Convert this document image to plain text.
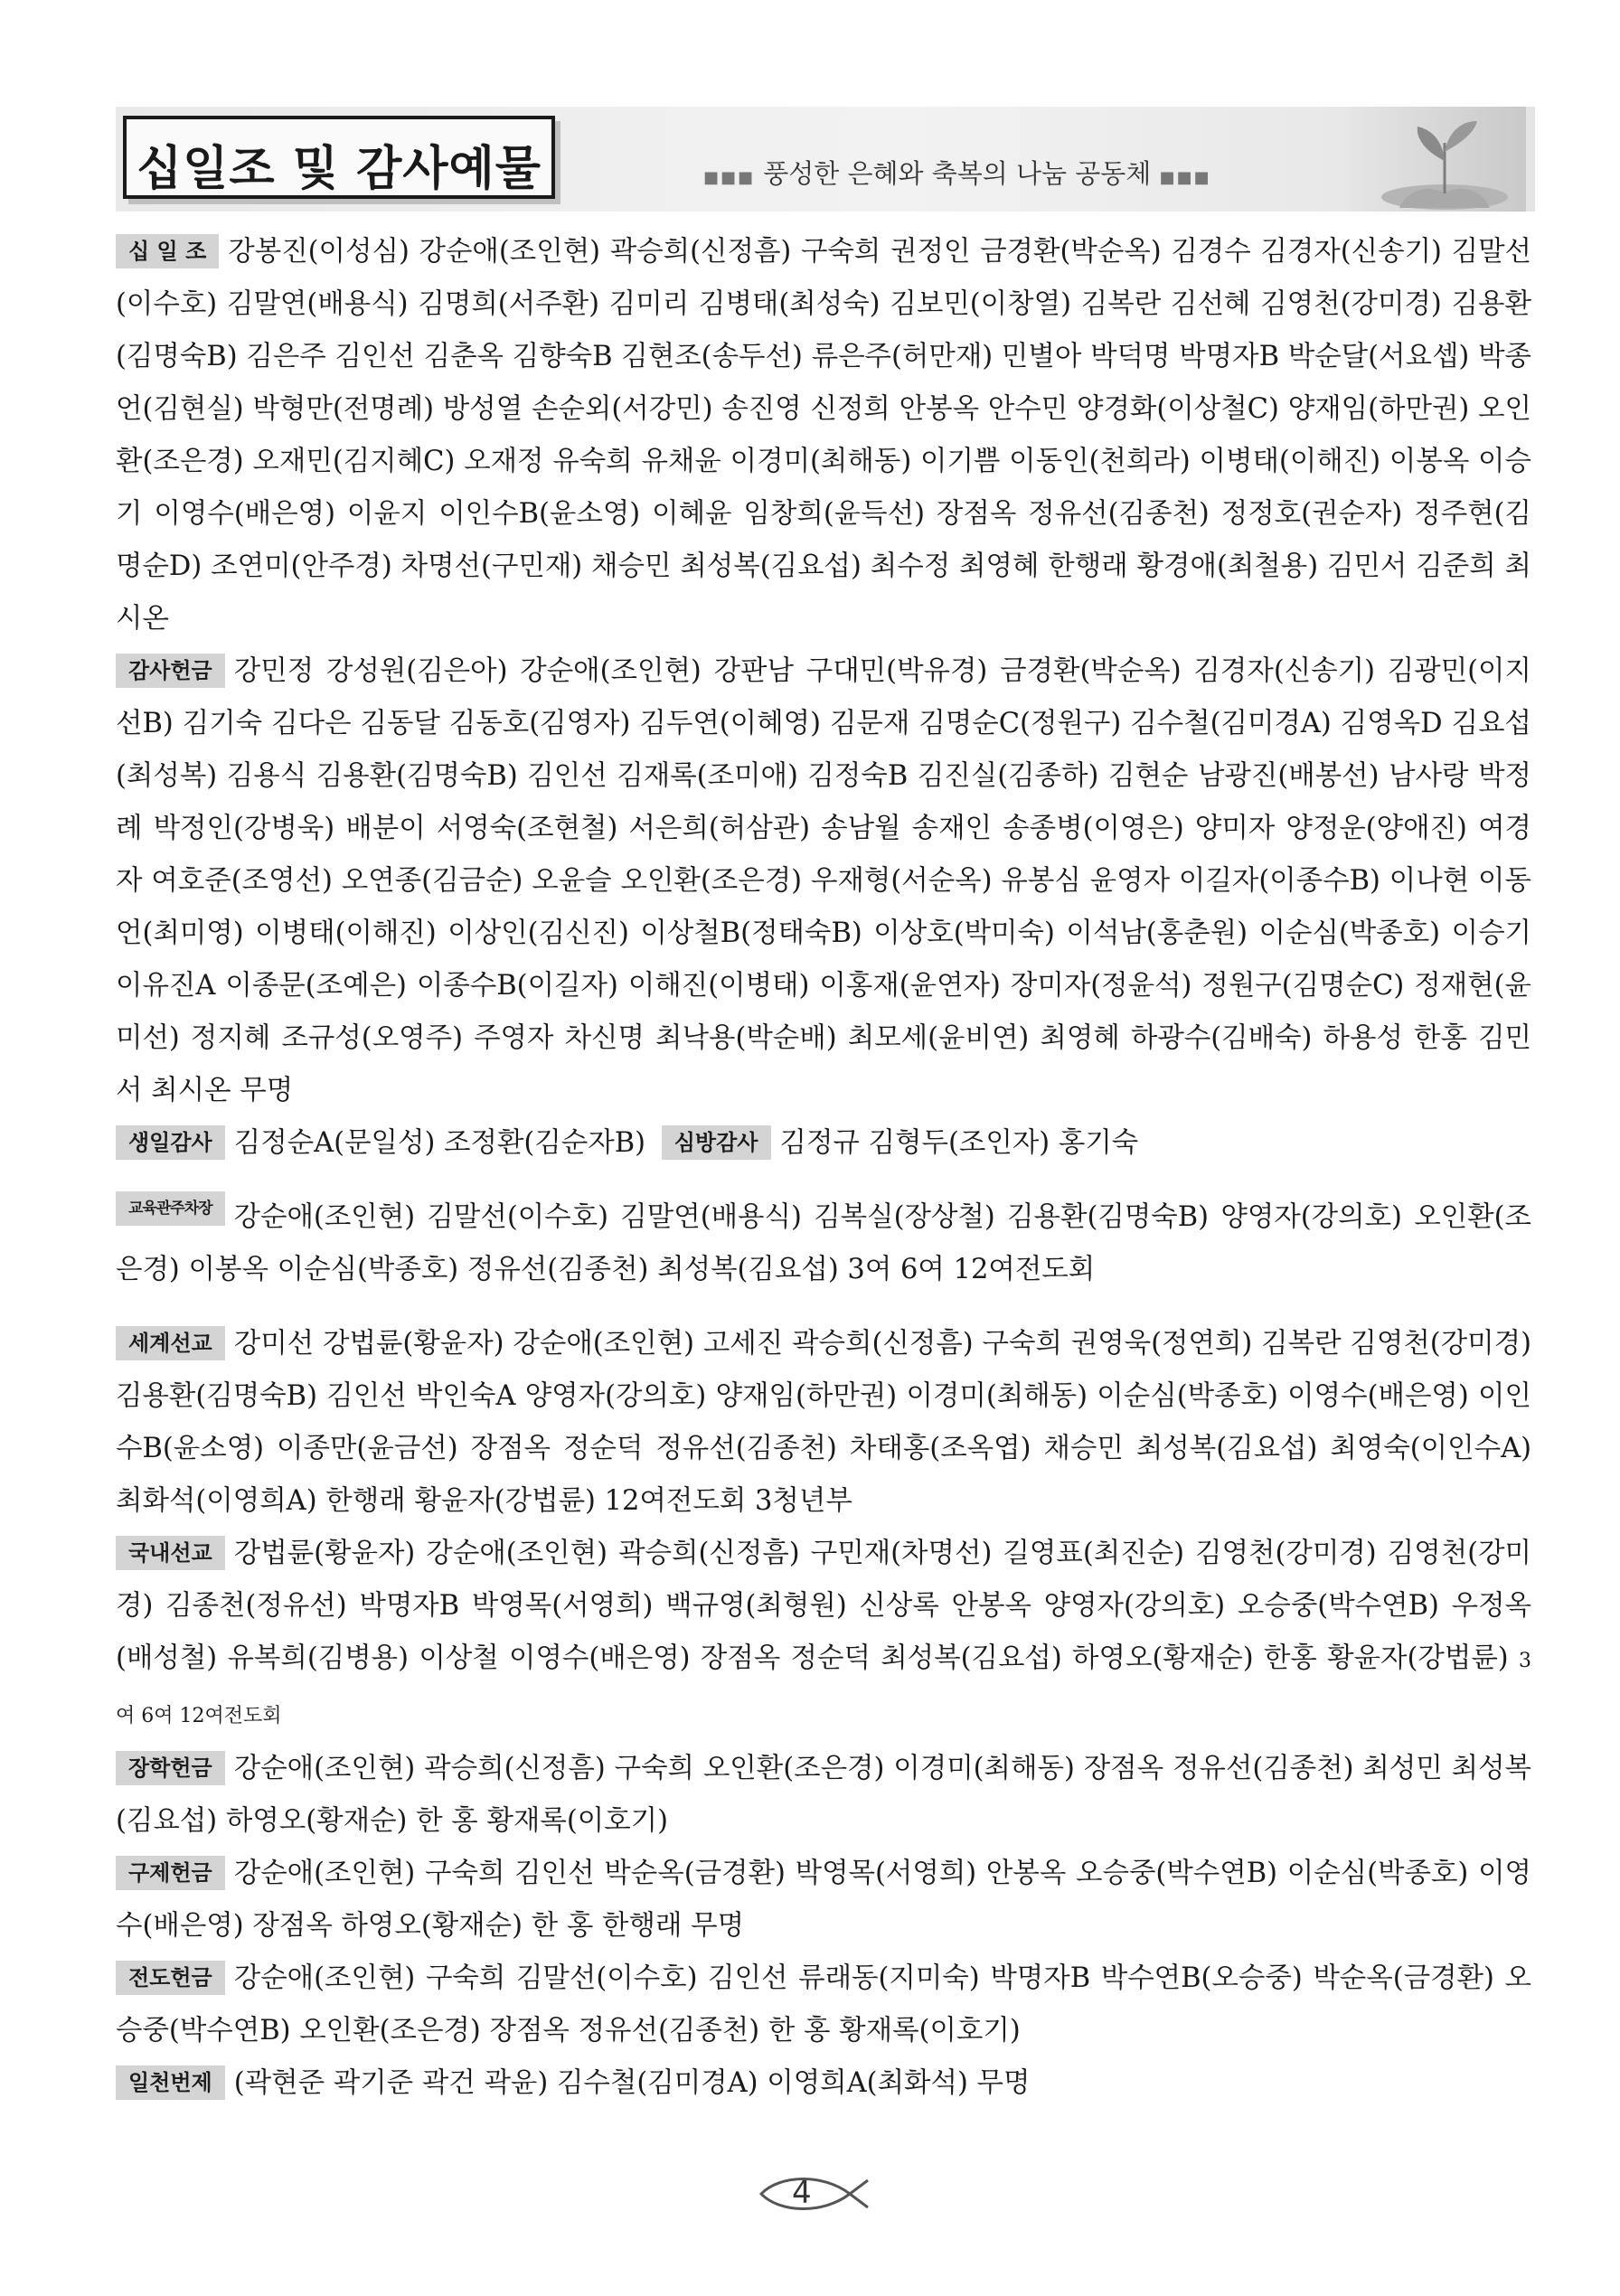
십일조 및 감사예물	■■■ 풍성한 은혜와 축복의 나눔 공동체 ■■■

십 일 조 강봉진(이성심) 강순애(조인현) 곽승희(신정흠) 구숙희 권정인 금경환(박순옥) 김경수 김경자(신송기) 김말선(이수호) 김말연(배용식) 김명희(서주환) 김미리 김병태(최성숙) 김보민(이창열) 김복란 김선혜 김영천(강미경) 김용환(김명숙B) 김은주 김인선 김춘옥 김향숙B 김현조(송두선) 류은주(허만재) 민별아 박덕명 박명자B 박순달(서요셉) 박종언(김현실) 박형만(전명례) 방성열 손순외(서강민) 송진영 신정희 안봉옥 안수민 양경화(이상철C) 양재임(하만권) 오인환(조은경) 오재민(김지혜C) 오재정 유숙희 유채윤 이경미(최해동) 이기쁨 이동인(천희라) 이병태(이해진) 이봉옥 이승기 이영수(배은영) 이윤지 이인수B(윤소영) 이혜윤 임창희(윤득선) 장점옥 정유선(김종천) 정정호(권순자) 정주현(김명순D) 조연미(안주경) 차명선(구민재) 채승민 최성복(김요섭) 최수정 최영혜 한행래 황경애(최철용) 김민서 김준희 최시온

감사헌금 강민정 강성원(김은아) 강순애(조인현) 강판남 구대민(박유경) 금경환(박순옥) 김경자(신송기) 김광민(이지선B) 김기숙 김다은 김동달 김동호(김영자) 김두연(이혜영) 김문재 김명순C(정원구) 김수철(김미경A) 김영옥D 김요섭(최성복) 김용식 김용환(김명숙B) 김인선 김재록(조미애) 김정숙B 김진실(김종하) 김현순 남광진(배봉선) 남사랑 박정례 박정인(강병욱) 배분이 서영숙(조현철) 서은희(허삼관) 송남월 송재인 송종병(이영은) 양미자 양정운(양애진) 여경자 여호준(조영선) 오연종(김금순) 오윤슬 오인환(조은경) 우재형(서순옥) 유봉심 윤영자 이길자(이종수B) 이나현 이동언(최미영) 이병태(이해진) 이상인(김신진) 이상철B(정태숙B) 이상호(박미숙) 이석남(홍춘원) 이순심(박종호) 이승기 이유진A 이종문(조예은) 이종수B(이길자) 이해진(이병태) 이홍재(윤연자) 장미자(정윤석) 정원구(김명순C) 정재현(윤미선) 정지혜 조규성(오영주) 주영자 차신명 최낙용(박순배) 최모세(윤비연) 최영혜 하광수(김배숙) 하용성 한홍 김민서 최시온 무명

생일감사 김정순A(문일성) 조정환(김순자B) 심방감사 김정규 김형두(조인자) 홍기숙

교육관주차장 강순애(조인현) 김말선(이수호) 김말연(배용식) 김복실(장상철) 김용환(김명숙B) 양영자(강의호) 오인환(조은경) 이봉옥 이순심(박종호) 정유선(김종천) 최성복(김요섭) 3여 6여 12여전도회

세계선교 강미선 강법륜(황윤자) 강순애(조인현) 고세진 곽승희(신정흠) 구숙희 권영욱(정연희) 김복란 김영천(강미경) 김용환(김명숙B) 김인선 박인숙A 양영자(강의호) 양재임(하만권) 이경미(최해동) 이순심(박종호) 이영수(배은영) 이인수B(윤소영) 이종만(윤금선) 장점옥 정순덕 정유선(김종천) 차태홍(조옥엽) 채승민 최성복(김요섭) 최영숙(이인수A) 최화석(이영희A) 한행래 황윤자(강법륜) 12여전도회 3청년부

국내선교 강법륜(황윤자) 강순애(조인현) 곽승희(신정흠) 구민재(차명선) 길영표(최진순) 김영천(강미경) 김영천(강미경) 김종천(정유선) 박명자B 박영목(서영희) 백규영(최형원) 신상록 안봉옥 양영자(강의호) 오승중(박수연B) 우정옥(배성철) 유복희(김병용) 이상철 이영수(배은영) 장점옥 정순덕 최성복(김요섭) 하영오(황재순) 한홍 황윤자(강법륜) 3여 6여 12여전도회

장학헌금 강순애(조인현) 곽승희(신정흠) 구숙희 오인환(조은경) 이경미(최해동) 장점옥 정유선(김종천) 최성민 최성복(김요섭) 하영오(황재순) 한 홍 황재록(이호기)

구제헌금 강순애(조인현) 구숙희 김인선 박순옥(금경환) 박영목(서영희) 안봉옥 오승중(박수연B) 이순심(박종호) 이영수(배은영) 장점옥 하영오(황재순) 한 홍 한행래 무명

전도헌금 강순애(조인현) 구숙희 김말선(이수호) 김인선 류래동(지미숙) 박명자B 박수연B(오승중) 박순옥(금경환) 오승중(박수연B) 오인환(조은경) 장점옥 정유선(김종천) 한 홍 황재록(이호기)

일천번제 (곽현준 곽기준 곽건 곽윤) 김수철(김미경A) 이영희A(최화석) 무명

4
